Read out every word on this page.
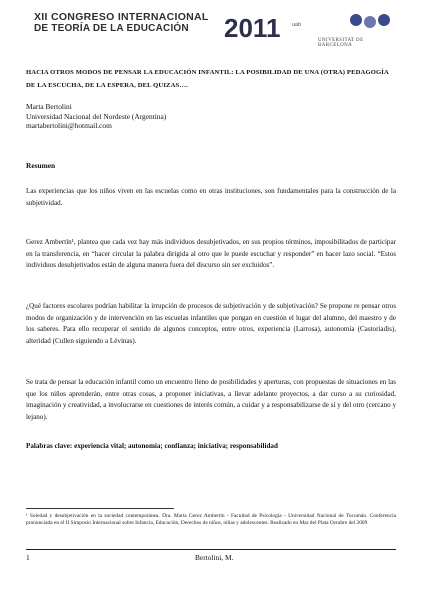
XII CONGRESO INTERNACIONAL
DE TEORÍA DE LA EDUCACIÓN	2011 uab
UNIVERSITAT DE BARCELONA
HACIA OTROS MODOS DE PENSAR LA EDUCACIÓN INFANTIL: LA POSIBILIDAD DE UNA (OTRA) PEDAGOGÍA DE LA ESCUCHA, DE LA ESPERA, DEL QUIZAS….
Marta Bertolini
Universidad Nacional del Nordeste (Argentina)
martabertolini@hotmail.com
Resumen
Las experiencias que los niños viven en las escuelas como en otras instituciones, son fundamentales para la construcción de la subjetividad.
Gerez Ambertín¹, plantea que cada vez hay más individuos desubjetivados, en sus propios términos, imposibilitados de participar en la transferencia, en “hacer circular la palabra dirigida al otro que le puede escuchar y responder” en hacer lazo social. “Estos individuos desubjetivados están de alguna manera fuera del discurso sin ser excluidos”.
¿Qué factores escolares podrían habilitar la irrupción de procesos de subjetivación y de subjetivación? Se propone re pensar otros modos de organización y de intervención en las escuelas infantiles que pongan en cuestión el lugar del alumno, del maestro y de los saberes. Para ello recuperar el sentido de algunos conceptos, entre otros, experiencia (Larrosa), autonomía (Castoriadis), alteridad (Cullen siguiendo a Lévinas).
Se trata de pensar la educación infantil como un encuentro lleno de posibilidades y aperturas, con propuestas de situaciones en las que los niños aprenderán, entre otras cosas, a proponer iniciativas, a llevar adelante proyectos, a dar curso a su curiosidad, imaginación y creatividad, a involucrarse en cuestiones de interés común, a cuidar y a responsabilizarse de sí y del otro (cercano y lejano).
Palabras clave: experiencia vital; autonomía; confianza; iniciativa; responsabilidad
¹ Soledad y desubjetivación en la sociedad contemporánea. Dra. Marta Gerez Ambertín - Facultad de Psicología - Universidad Nacional de Tucumán. Conferencia pronunciada en el II Simposio Internacional sobre Infancia, Educación, Derechos de niños, niñas y adolescentes. Realizado en Mar del Plata Octubre del 2009
1	Bertolini, M.
